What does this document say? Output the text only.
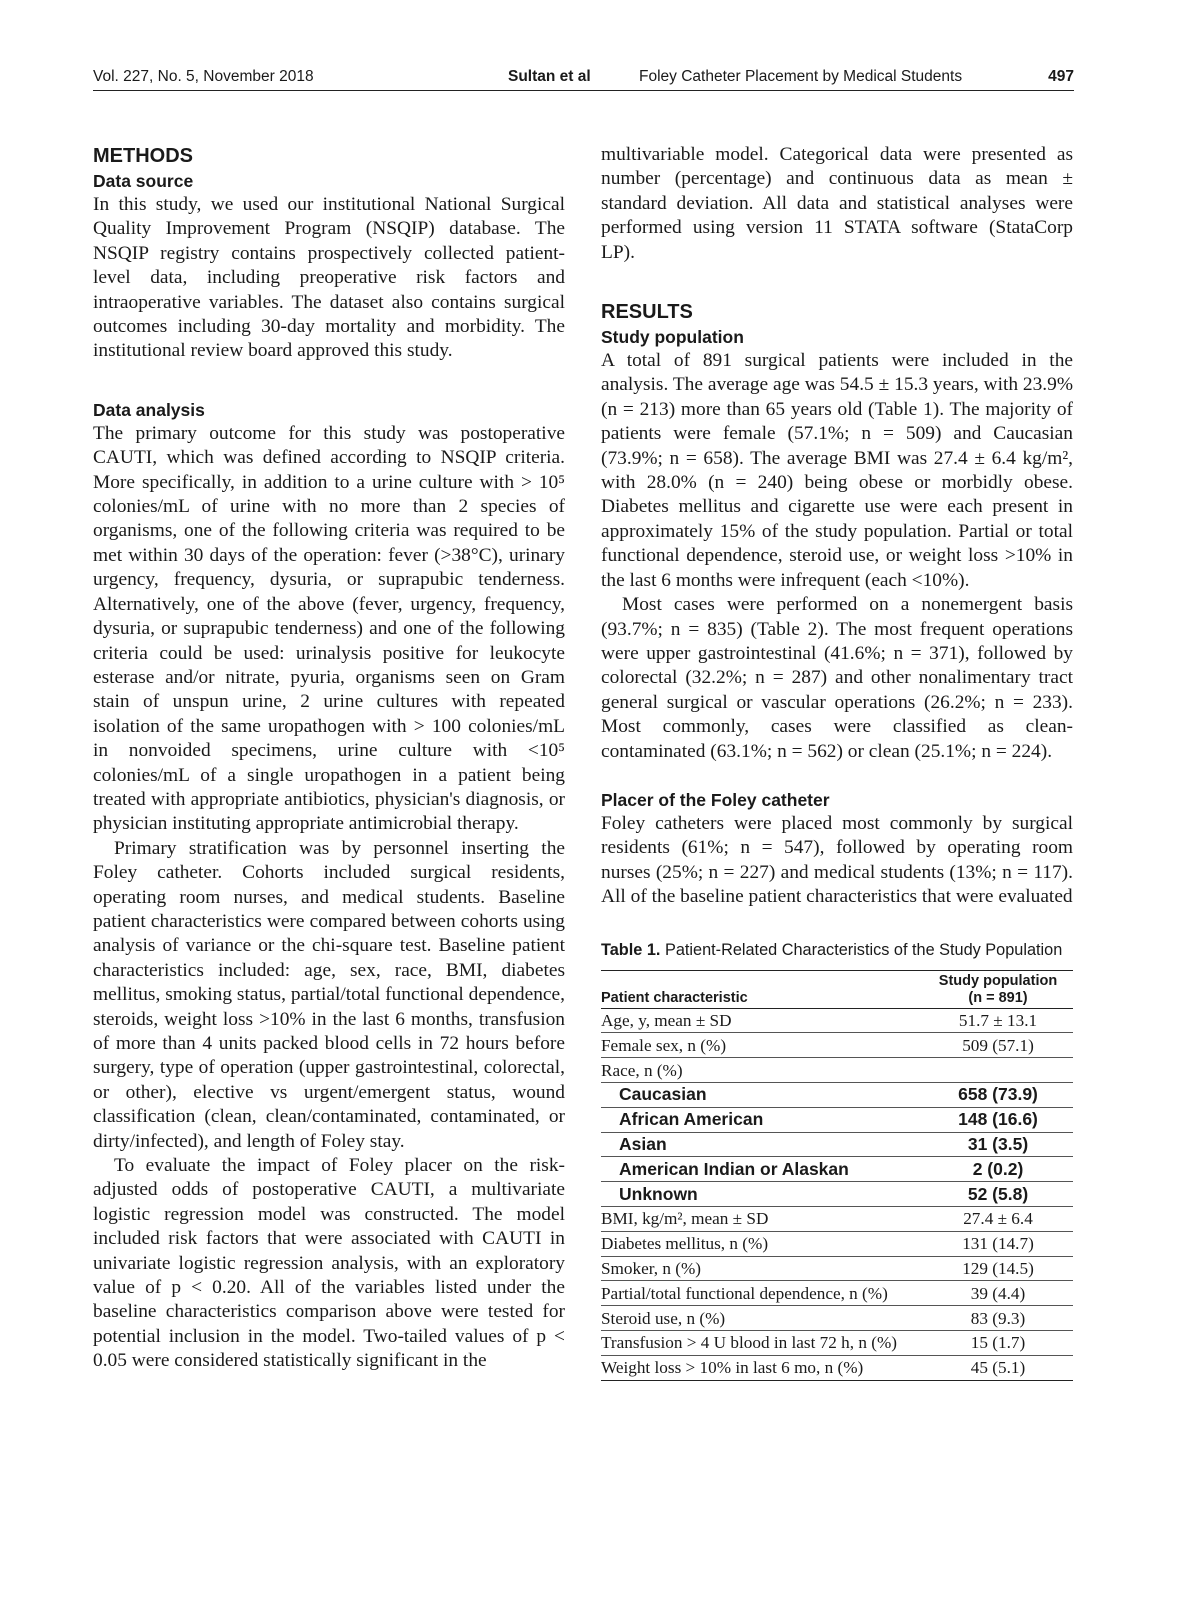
Vol. 227, No. 5, November 2018	Sultan et al	Foley Catheter Placement by Medical Students	497
METHODS
Data source

In this study, we used our institutional National Surgical Quality Improvement Program (NSQIP) database. The NSQIP registry contains prospectively collected patient-level data, including preoperative risk factors and intraoperative variables. The dataset also contains surgical outcomes including 30-day mortality and morbidity. The institutional review board approved this study.

Data analysis

The primary outcome for this study was postoperative CAUTI, which was defined according to NSQIP criteria. More specifically, in addition to a urine culture with > 10⁵ colonies/mL of urine with no more than 2 species of organisms, one of the following criteria was required to be met within 30 days of the operation: fever (>38°C), urinary urgency, frequency, dysuria, or suprapubic tenderness. Alternatively, one of the above (fever, urgency, frequency, dysuria, or suprapubic tenderness) and one of the following criteria could be used: urinalysis positive for leukocyte esterase and/or nitrate, pyuria, organisms seen on Gram stain of unspun urine, 2 urine cultures with repeated isolation of the same uropathogen with > 100 colonies/mL in nonvoided specimens, urine culture with <10⁵ colonies/mL of a single uropathogen in a patient being treated with appropriate antibiotics, physician's diagnosis, or physician instituting appropriate antimicrobial therapy.

Primary stratification was by personnel inserting the Foley catheter. Cohorts included surgical residents, operating room nurses, and medical students. Baseline patient characteristics were compared between cohorts using analysis of variance or the chi-square test. Baseline patient characteristics included: age, sex, race, BMI, diabetes mellitus, smoking status, partial/total functional dependence, steroids, weight loss >10% in the last 6 months, transfusion of more than 4 units packed blood cells in 72 hours before surgery, type of operation (upper gastrointestinal, colorectal, or other), elective vs urgent/emergent status, wound classification (clean, clean/contaminated, contaminated, or dirty/infected), and length of Foley stay.

To evaluate the impact of Foley placer on the risk-adjusted odds of postoperative CAUTI, a multivariate logistic regression model was constructed. The model included risk factors that were associated with CAUTI in univariate logistic regression analysis, with an exploratory value of p < 0.20. All of the variables listed under the baseline characteristics comparison above were tested for potential inclusion in the model. Two-tailed values of p < 0.05 were considered statistically significant in the

multivariable model. Categorical data were presented as number (percentage) and continuous data as mean ± standard deviation. All data and statistical analyses were performed using version 11 STATA software (StataCorp LP).

RESULTS
Study population

A total of 891 surgical patients were included in the analysis. The average age was 54.5 ± 15.3 years, with 23.9% (n = 213) more than 65 years old (Table 1). The majority of patients were female (57.1%; n = 509) and Caucasian (73.9%; n = 658). The average BMI was 27.4 ± 6.4 kg/m², with 28.0% (n = 240) being obese or morbidly obese. Diabetes mellitus and cigarette use were each present in approximately 15% of the study population. Partial or total functional dependence, steroid use, or weight loss >10% in the last 6 months were infrequent (each <10%).

Most cases were performed on a nonemergent basis (93.7%; n = 835) (Table 2). The most frequent operations were upper gastrointestinal (41.6%; n = 371), followed by colorectal (32.2%; n = 287) and other nonalimentary tract general surgical or vascular operations (26.2%; n = 233). Most commonly, cases were classified as clean-contaminated (63.1%; n = 562) or clean (25.1%; n = 224).

Placer of the Foley catheter

Foley catheters were placed most commonly by surgical residents (61%; n = 547), followed by operating room nurses (25%; n = 227) and medical students (13%; n = 117). All of the baseline patient characteristics that were evaluated

Table 1. Patient-Related Characteristics of the Study Population
Patient characteristic	Study population
(n = 891)
Age, y, mean ± SD	51.7 ± 13.1
Female sex, n (%)	509 (57.1)
Race, n (%)	
Caucasian	658 (73.9)
African American	148 (16.6)
Asian	31 (3.5)
American Indian or Alaskan	2 (0.2)
Unknown	52 (5.8)
BMI, kg/m², mean ± SD	27.4 ± 6.4
Diabetes mellitus, n (%)	131 (14.7)
Smoker, n (%)	129 (14.5)
Partial/total functional dependence, n (%)	39 (4.4)
Steroid use, n (%)	83 (9.3)
Transfusion > 4 U blood in last 72 h, n (%)	15 (1.7)
Weight loss > 10% in last 6 mo, n (%)	45 (5.1)
